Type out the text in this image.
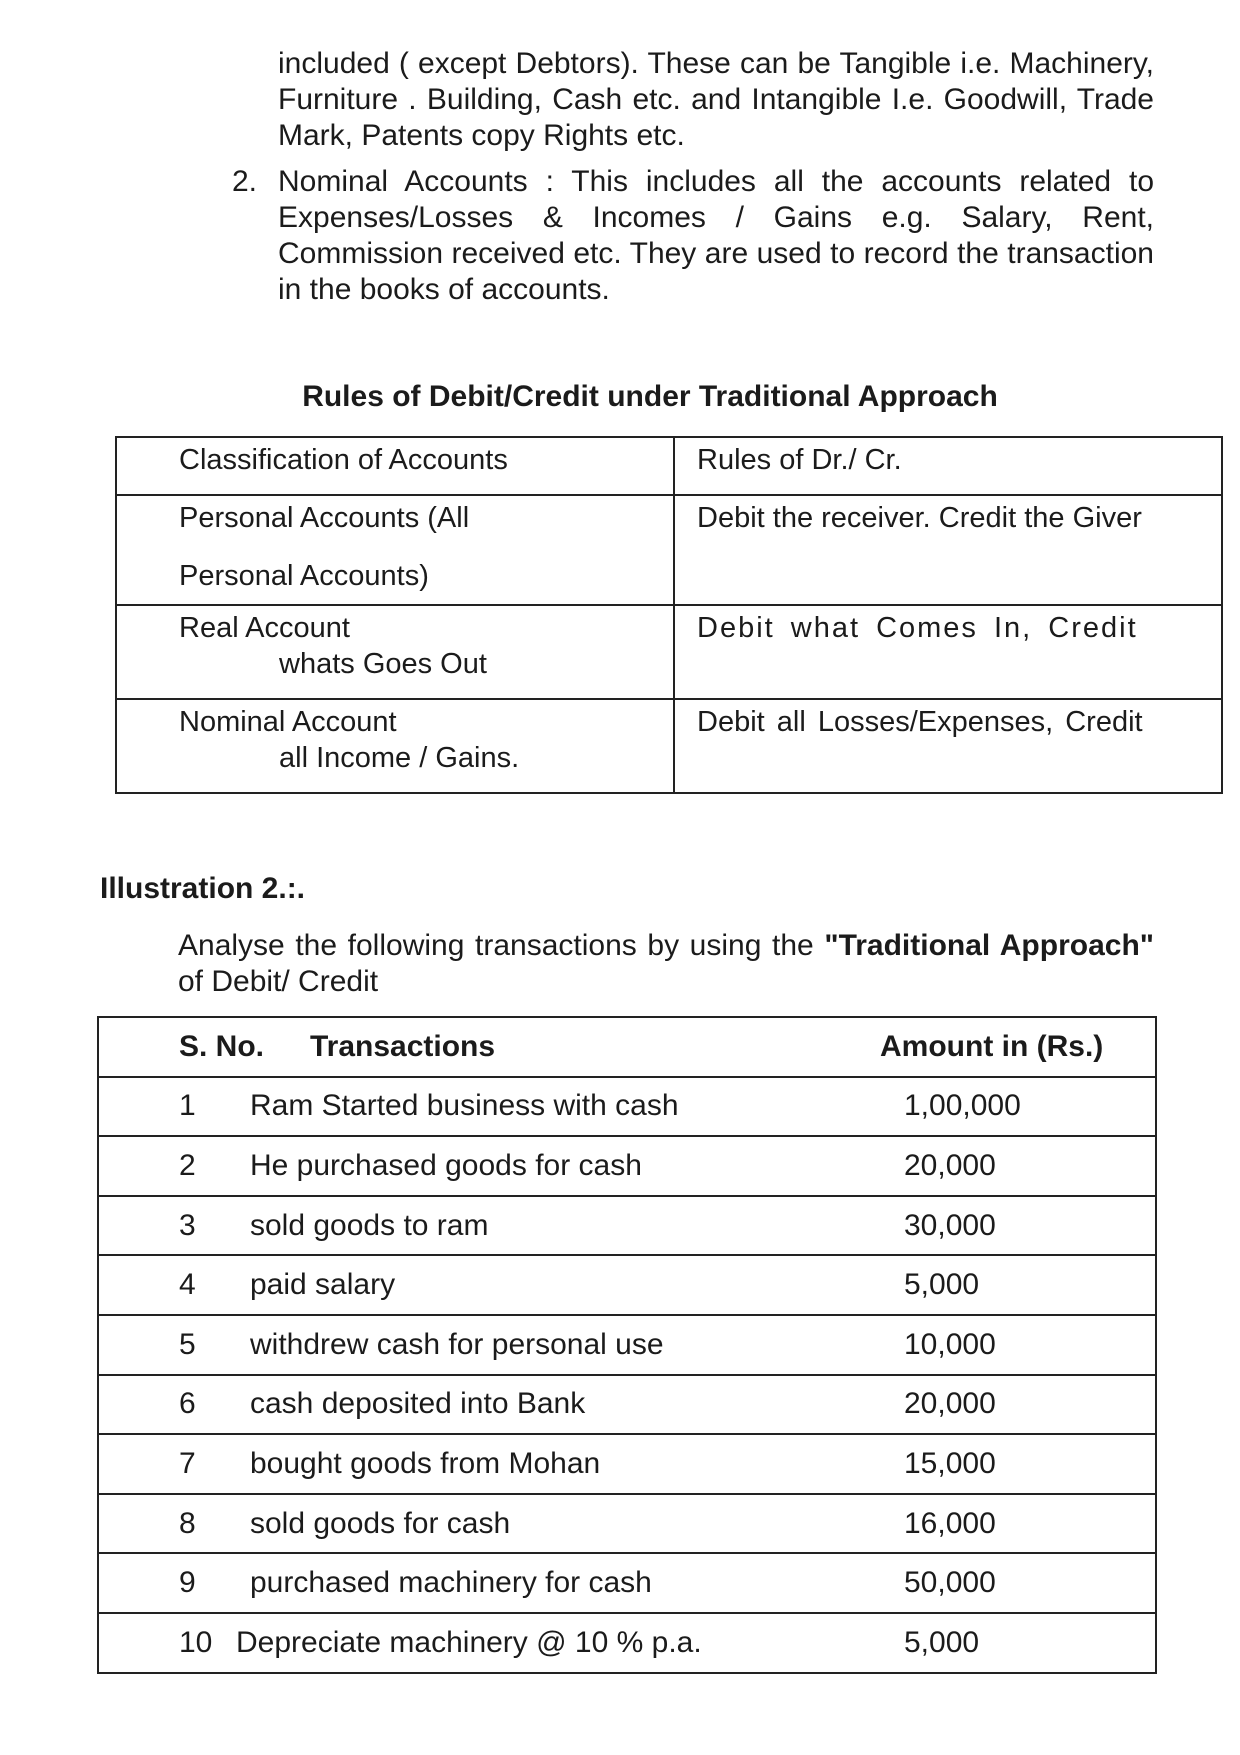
included ( except Debtors). These can be Tangible i.e. Machinery, Furniture . Building, Cash etc. and Intangible I.e. Goodwill, Trade Mark, Patents copy Rights etc.

2. Nominal Accounts : This includes all the accounts related to Expenses/Losses & Incomes / Gains e.g. Salary, Rent, Commission received etc. They are used to record the transaction in the books of accounts.

Rules of Debit/Credit under Traditional Approach
Classification of Accounts	Rules of Dr./ Cr.

Personal Accounts (All
Personal Accounts)	Debit the receiver. Credit the Giver

Real Account
whats Goes Out	Debit what Comes In, Credit

Nominal Account
all Income / Gains.	Debit all Losses/Expenses, Credit
Illustration 2.:.

Analyse the following transactions by using the "Traditional Approach" of Debit/ Credit

S. No.	Transactions	Amount in (Rs.)
1	Ram Started business with cash	1,00,000
2	He purchased goods for cash	20,000
3	sold goods to ram	30,000
4	paid salary	5,000
5	withdrew cash for personal use	10,000
6	cash deposited into Bank	20,000
7	bought goods from Mohan	15,000
8	sold goods for cash	16,000
9	purchased machinery for cash	50,000
10	Depreciate machinery @ 10 % p.a.	5,000
